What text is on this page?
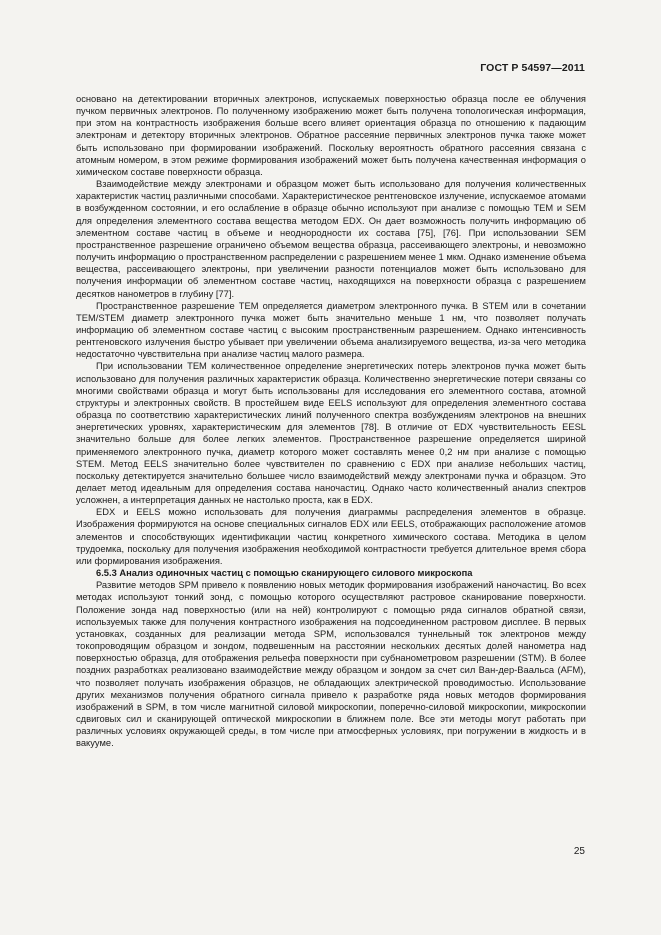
ГОСТ Р 54597—2011

основано на детектировании вторичных электронов, испускаемых поверхностью образца после ее облучения пучком первичных электронов. По полученному изображению может быть получена топологическая информация, при этом на контрастность изображения больше всего влияет ориентация образца по отношению к падающим электронам и детектору вторичных электронов. Обратное рассеяние первичных электронов пучка также может быть использовано при формировании изображений. Поскольку вероятность обратного рассеяния связана с атомным номером, в этом режиме формирования изображений может быть получена качественная информация о химическом составе поверхности образца.

Взаимодействие между электронами и образцом может быть использовано для получения количественных характеристик частиц различными способами. Характеристическое рентгеновское излучение, испускаемое атомами в возбужденном состоянии, и его ослабление в образце обычно используют при анализе с помощью TEM и SEM для определения элементного состава вещества методом EDX. Он дает возможность получить информацию об элементном составе частиц в объеме и неоднородности их состава [75], [76]. При использовании SEM пространственное разрешение ограничено объемом вещества образца, рассеивающего электроны, и невозможно получить информацию о пространственном распределении с разрешением менее 1 мкм. Однако изменение объема вещества, рассеивающего электроны, при увеличении разности потенциалов может быть использовано для получения информации об элементном составе частиц, находящихся на поверхности образца с разрешением десятков нанометров в глубину [77].

Пространственное разрешение TEM определяется диаметром электронного пучка. В STEM или в сочетании TEM/STEM диаметр электронного пучка может быть значительно меньше 1 нм, что позволяет получать информацию об элементном составе частиц с высоким пространственным разрешением. Однако интенсивность рентгеновского излучения быстро убывает при увеличении объема анализируемого вещества, из-за чего методика недостаточно чувствительна при анализе частиц малого размера.

При использовании TEM количественное определение энергетических потерь электронов пучка может быть использовано для получения различных характеристик образца. Количественно энергетические потери связаны со многими свойствами образца и могут быть использованы для исследования его элементного состава, атомной структуры и электронных свойств. В простейшем виде EELS используют для определения элементного состава образца по соответствию характеристических линий полученного спектра возбуждениям электронов на внешних энергетических уровнях, характеристическим для элементов [78]. В отличие от EDX чувствительность EESL значительно больше для более легких элементов. Пространственное разрешение определяется шириной применяемого электронного пучка, диаметр которого может составлять менее 0,2 нм при анализе с помощью STEM. Метод EELS значительно более чувствителен по сравнению с EDX при анализе небольших частиц, поскольку детектируется значительно большее число взаимодействий между электронами пучка и образцом. Это делает метод идеальным для определения состава наночастиц. Однако часто количественный анализ спектров усложнен, а интерпретация данных не настолько проста, как в EDX.

EDX и EELS можно использовать для получения диаграммы распределения элементов в образце. Изображения формируются на основе специальных сигналов EDX или EELS, отображающих расположение атомов элементов и способствующих идентификации частиц конкретного химического состава. Методика в целом трудоемка, поскольку для получения изображения необходимой контрастности требуется длительное время сбора или формирования изображения.

6.5.3 Анализ одиночных частиц с помощью сканирующего силового микроскопа

Развитие методов SPM привело к появлению новых методик формирования изображений наночастиц. Во всех методах используют тонкий зонд, с помощью которого осуществляют растровое сканирование поверхности. Положение зонда над поверхностью (или на ней) контролируют с помощью ряда сигналов обратной связи, используемых также для получения контрастного изображения на подсоединенном растровом дисплее. В первых установках, созданных для реализации метода SPM, использовался туннельный ток электронов между токопроводящим образцом и зондом, подвешенным на расстоянии нескольких десятых долей нанометра над поверхностью образца, для отображения рельефа поверхности при субнанометровом разрешении (STM). В более поздних разработках реализовано взаимодействие между образцом и зондом за счет сил Ван-дер-Ваальса (AFM), что позволяет получать изображения образцов, не обладающих электрической проводимостью. Использование других механизмов получения обратного сигнала привело к разработке ряда новых методов формирования изображений в SPM, в том числе магнитной силовой микроскопии, поперечно-силовой микроскопии, микроскопии сдвиговых сил и сканирующей оптической микроскопии в ближнем поле. Все эти методы могут работать при различных условиях окружающей среды, в том числе при атмосферных условиях, при погружении в жидкость и в вакууме.

25
